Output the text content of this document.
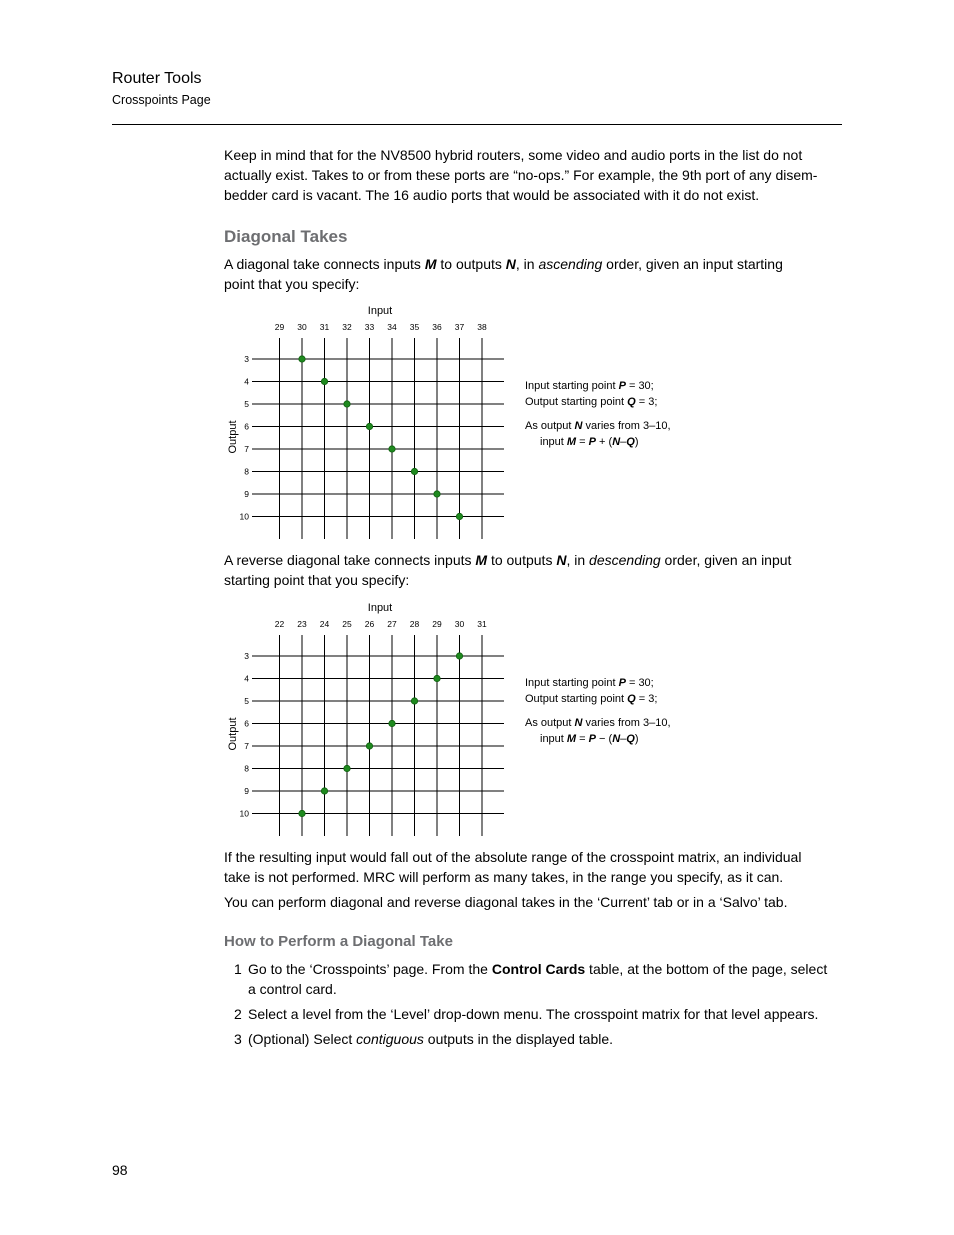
Router Tools
Crosspoints Page
Keep in mind that for the NV8500 hybrid routers, some video and audio ports in the list do not
actually exist. Takes to or from these ports are “no-ops.” For example, the 9th port of any disem-
bedder card is vacant. The 16 audio ports that would be associated with it do not exist.
Diagonal Takes
A diagonal take connects inputs M to outputs N, in ascending order, given an input starting
point that you specify:
Input
Output
29 30 31 32 33 34 35 36 37 38
3
4
5
6
7
8
9
10
Input starting point P = 30;
Output starting point Q = 3;
As output N varies from 3–10,
input M = P + (N–Q)
A reverse diagonal take connects inputs M to outputs N, in descending order, given an input
starting point that you specify:
Input
Output
22 23 24 25 26 27 28 29 30 31
3
4
5
6
7
8
9
10
Input starting point P = 30;
Output starting point Q = 3;
As output N varies from 3–10,
input M = P − (N–Q)
If the resulting input would fall out of the absolute range of the crosspoint matrix, an individual
take is not performed. MRC will perform as many takes, in the range you specify, as it can.
You can perform diagonal and reverse diagonal takes in the ‘Current’ tab or in a ‘Salvo’ tab.
How to Perform a Diagonal Take
1 Go to the ‘Crosspoints’ page. From the Control Cards table, at the bottom of the page, select
a control card.
2 Select a level from the ‘Level’ drop-down menu. The crosspoint matrix for that level appears.
3 (Optional) Select contiguous outputs in the displayed table.
98
